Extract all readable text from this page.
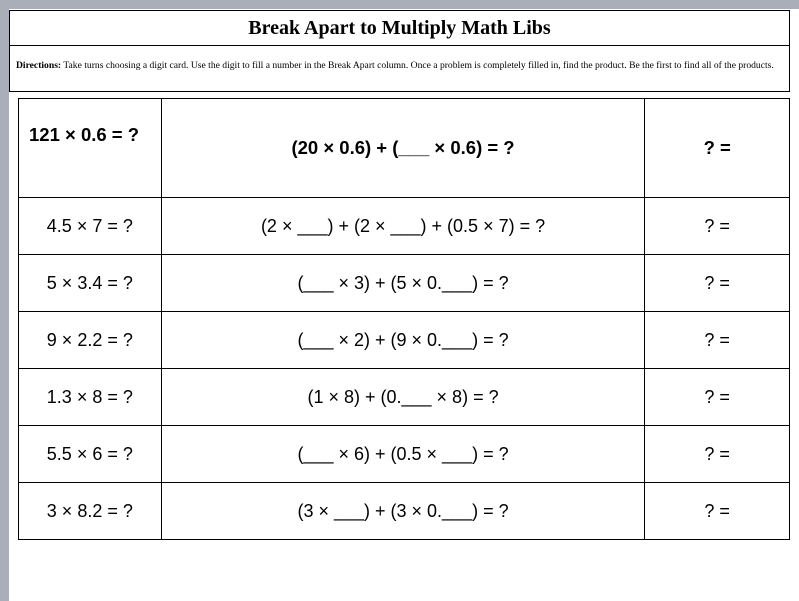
Break Apart to Multiply Math Libs
Directions: Take turns choosing a digit card. Use the digit to fill a number in the Break Apart column. Once a problem is completely filled in, find the product. Be the first to find all of the products.
121 × 0.6 = ?	(20 × 0.6) + (___ × 0.6) = ?	? =
4.5 × 7 = ?	(2 × ___) + (2 × ___) + (0.5 × 7) = ?	? =
5 × 3.4 = ?	(___ × 3) + (5 × 0.___) = ?	? =
9 × 2.2 = ?	(___ × 2) + (9 × 0.___) = ?	? =
1.3 × 8 = ?	(1 × 8) + (0.___ × 8) = ?	? =
5.5 × 6 = ?	(___ × 6) + (0.5 × ___) = ?	? =
3 × 8.2 = ?	(3 × ___) + (3 × 0.___) = ?	? =
